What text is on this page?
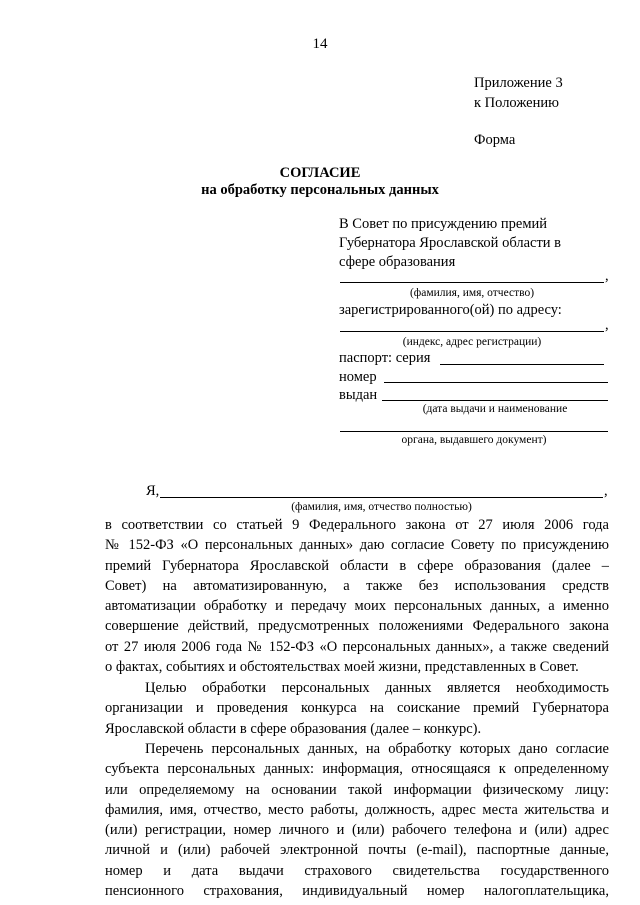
14
Приложение 3
к Положению
Форма
СОГЛАСИЕ
на обработку персональных данных
В Совет по присуждению премий
Губернатора Ярославской области в
сфере образования
,
(фамилия, имя, отчество)
зарегистрированного(ой) по адресу:
,
(индекс, адрес регистрации)
паспорт: серия
номер
выдан
(дата выдачи и наименование
органа, выдавшего документ)
Я,	,
(фамилия, имя, отчество полностью)
в соответствии со статьей 9 Федерального закона от 27 июля 2006 года
№ 152-ФЗ «О персональных данных» даю согласие Совету по присуждению
премий Губернатора Ярославской области в сфере образования (далее –
Совет) на автоматизированную, а также без использования средств
автоматизации обработку и передачу моих персональных данных, а именно
совершение действий, предусмотренных положениями Федерального закона
от 27 июля 2006 года № 152-ФЗ «О персональных данных», а также сведений
о фактах, событиях и обстоятельствах моей жизни, представленных в Совет.
Целью обработки персональных данных является необходимость
организации и проведения конкурса на соискание премий Губернатора
Ярославской области в сфере образования (далее – конкурс).
Перечень персональных данных, на обработку которых дано согласие
субъекта персональных данных: информация, относящаяся к определенному
или определяемому на основании такой информации физическому лицу:
фамилия, имя, отчество, место работы, должность, адрес места жительства и
(или) регистрации, номер личного и (или) рабочего телефона и (или) адрес
личной и (или) рабочей электронной почты (e-mail), паспортные данные,
номер и дата выдачи страхового свидетельства государственного
пенсионного страхования, индивидуальный номер налогоплательщика,
